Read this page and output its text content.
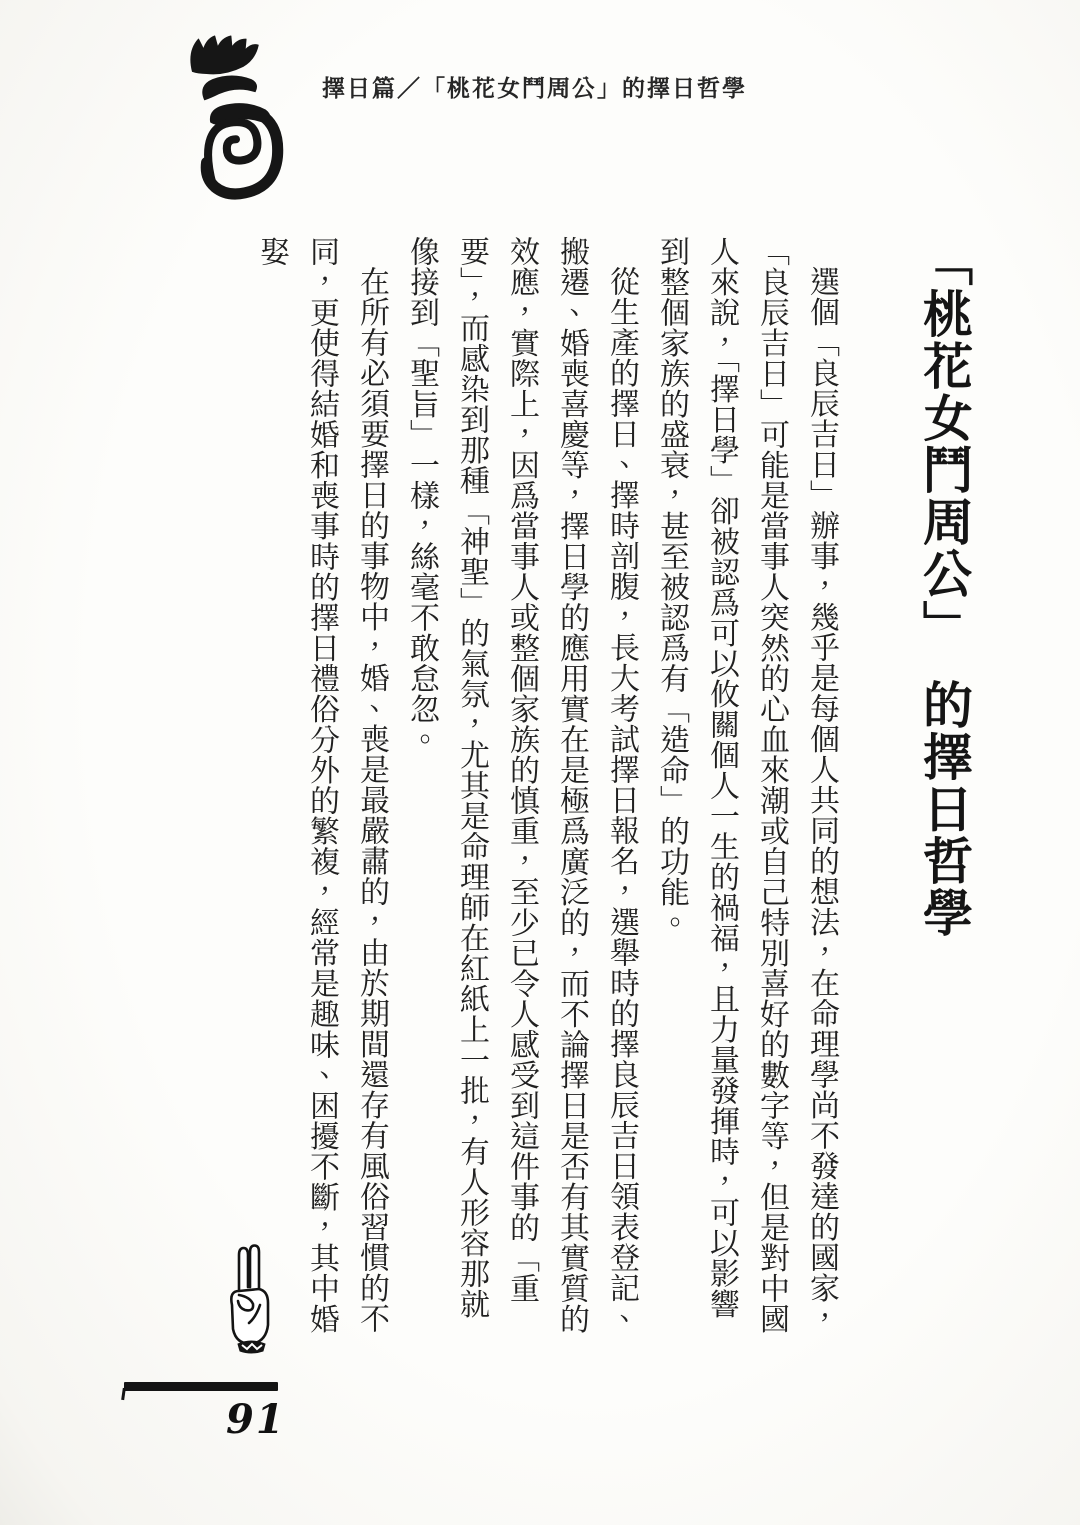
擇日篇／「桃花女鬥周公」的擇日哲學
「桃花女鬥周公」　的擇日哲學

選個「良辰吉日」辦事，幾乎是每個人共同的想法，在命理學尚不發達的國家，「良辰吉日」可能是當事人突然的心血來潮或自己特別喜好的數字等，但是對中國人來說，「擇日學」卻被認爲可以攸關個人一生的禍福，且力量發揮時，可以影響到整個家族的盛衰，甚至被認爲有「造命」的功能。

從生產的擇日、擇時剖腹，長大考試擇日報名，選舉時的擇良辰吉日領表登記、搬遷、婚喪喜慶等，擇日學的應用實在是極爲廣泛的，而不論擇日是否有其實質的效應，實際上，因爲當事人或整個家族的慎重，至少已令人感受到這件事的「重要」，而感染到那種「神聖」的氣氛，尤其是命理師在紅紙上一批，有人形容那就像接到「聖旨」一樣，絲毫不敢怠忽。

在所有必須要擇日的事物中，婚、喪是最嚴肅的，由於期間還存有風俗習慣的不同，更使得結婚和喪事時的擇日禮俗分外的繁複，經常是趣味、困擾不斷，其中婚娶

91
